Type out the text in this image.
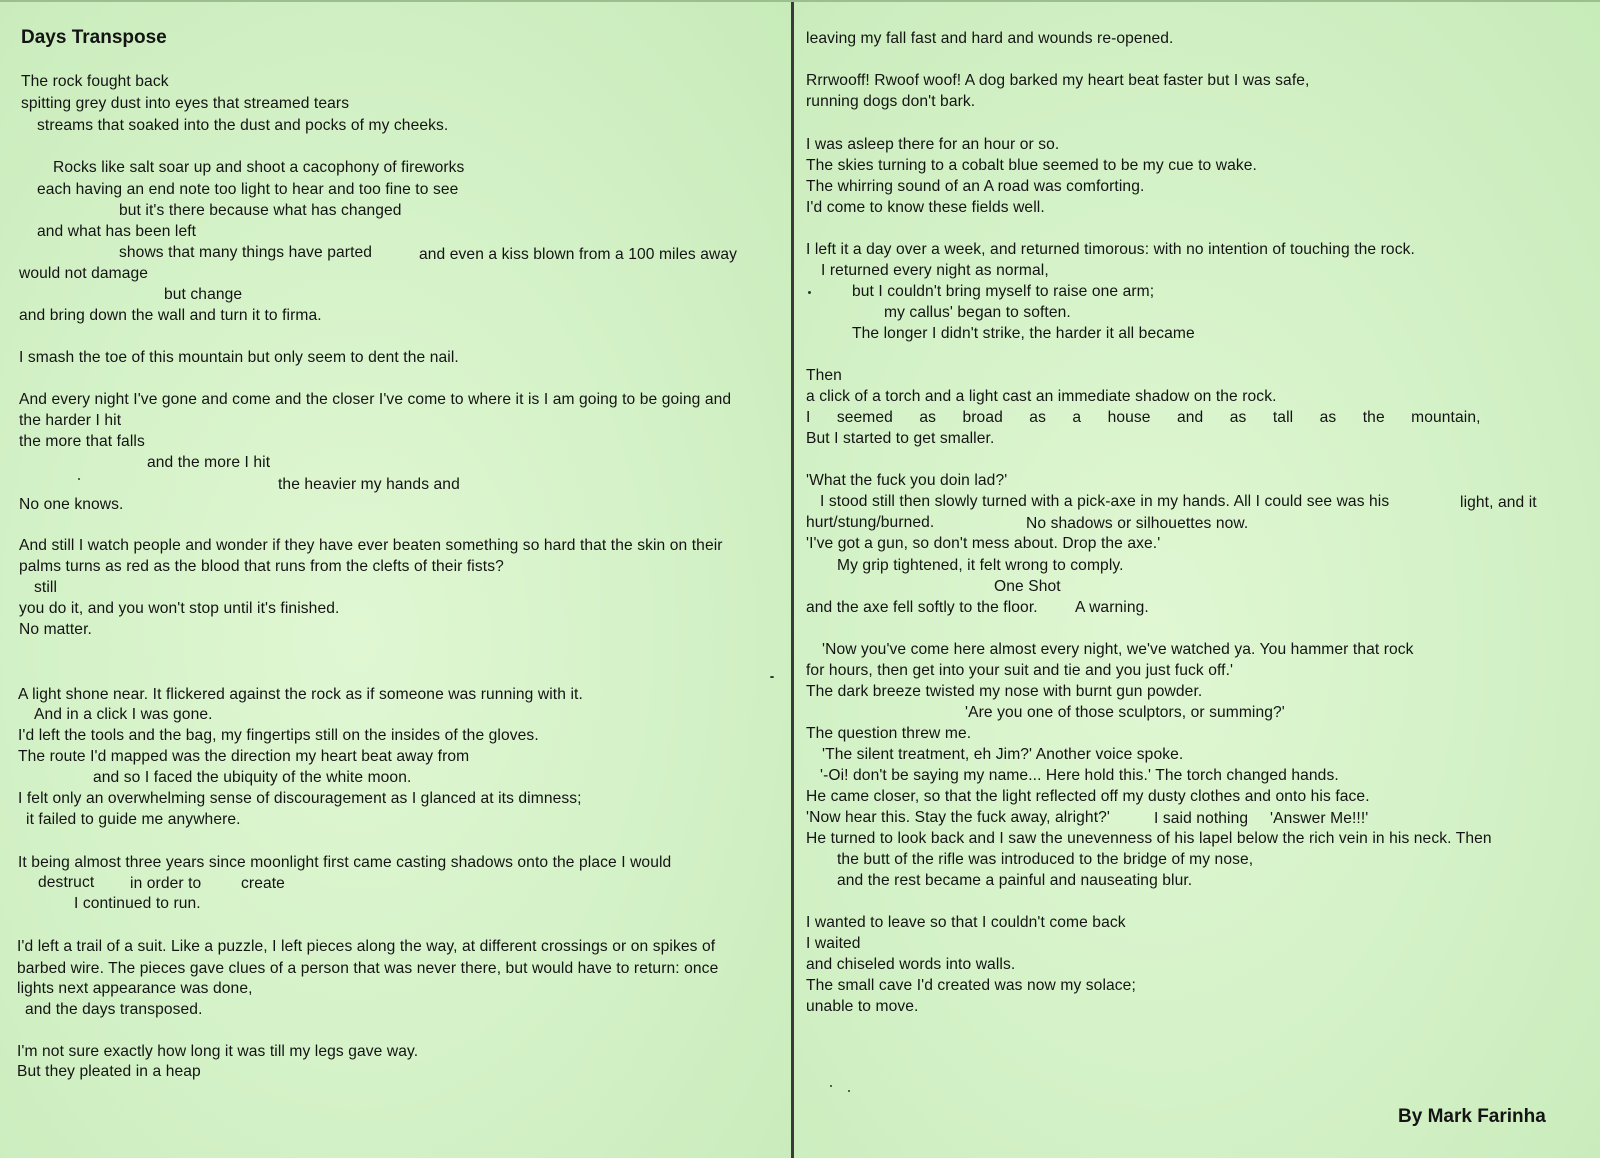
Days Transpose
The rock fought back
spitting grey dust into eyes that streamed tears
streams that soaked into the dust and pocks of my cheeks.
Rocks like salt soar up and shoot a cacophony of fireworks
each having an end note too light to hear and too fine to see
but it's there because what has changed
and what has been left
shows that many things have parted	and even a kiss blown from a 100 miles away
would not damage
but change
and bring down the wall and turn it to firma.
I smash the toe of this mountain but only seem to dent the nail.
And every night I've gone and come and the closer I've come to where it is I am going to be going and
the harder I hit
the more that falls
and the more I hit
the heavier my hands and
No one knows.
And still I watch people and wonder if they have ever beaten something so hard that the skin on their
palms turns as red as the blood that runs from the clefts of their fists?
still
you do it, and you won't stop until it's finished.
No matter.
A light shone near. It flickered against the rock as if someone was running with it.
And in a click I was gone.
I'd left the tools and the bag, my fingertips still on the insides of the gloves.
The route I'd mapped was the direction my heart beat away from
and so I faced the ubiquity of the white moon.
I felt only an overwhelming sense of discouragement as I glanced at its dimness;
it failed to guide me anywhere.
It being almost three years since moonlight first came casting shadows onto the place I would
destruct in order to	create
I continued to run.
I'd left a trail of a suit. Like a puzzle, I left pieces along the way, at different crossings or on spikes of
barbed wire. The pieces gave clues of a person that was never there, but would have to return: once
lights next appearance was done,
and the days transposed.
I'm not sure exactly how long it was till my legs gave way.
But they pleated in a heap
leaving my fall fast and hard and wounds re-opened.
Rrrwooff! Rwoof woof! A dog barked my heart beat faster but I was safe,
running dogs don't bark.
I was asleep there for an hour or so.
The skies turning to a cobalt blue seemed to be my cue to wake.
The whirring sound of an A road was comforting.
I'd come to know these fields well.
I left it a day over a week, and returned timorous: with no intention of touching the rock.
I returned every night as normal,
but I couldn't bring myself to raise one arm;
my callus' began to soften.
The longer I didn't strike, the harder it all became
Then
a click of a torch and a light cast an immediate shadow on the rock.
I seemed as broad as a house and as tall as the mountain,
But I started to get smaller.
'What the fuck you doin lad?'
I stood still then slowly turned with a pick-axe in my hands. All I could see was his	light, and it
hurt/stung/burned.	No shadows or silhouettes now.
'I've got a gun, so don't mess about. Drop the axe.'
My grip tightened, it felt wrong to comply.
One Shot
and the axe fell softly to the floor. A warning.
'Now you've come here almost every night, we've watched ya. You hammer that rock
for hours, then get into your suit and tie and you just fuck off.'
The dark breeze twisted my nose with burnt gun powder.
'Are you one of those sculptors, or summing?'
The question threw me.
'The silent treatment, eh Jim?' Another voice spoke.
'-Oi! don't be saying my name... Here hold this.' The torch changed hands.
He came closer, so that the light reflected off my dusty clothes and onto his face.
'Now hear this. Stay the fuck away, alright?'	I said nothing 'Answer Me!!!'
He turned to look back and I saw the unevenness of his lapel below the rich vein in his neck. Then
the butt of the rifle was introduced to the bridge of my nose,
and the rest became a painful and nauseating blur.
I wanted to leave so that I couldn't come back
I waited
and chiseled words into walls.
The small cave I'd created was now my solace;
unable to move.
By Mark Farinha
